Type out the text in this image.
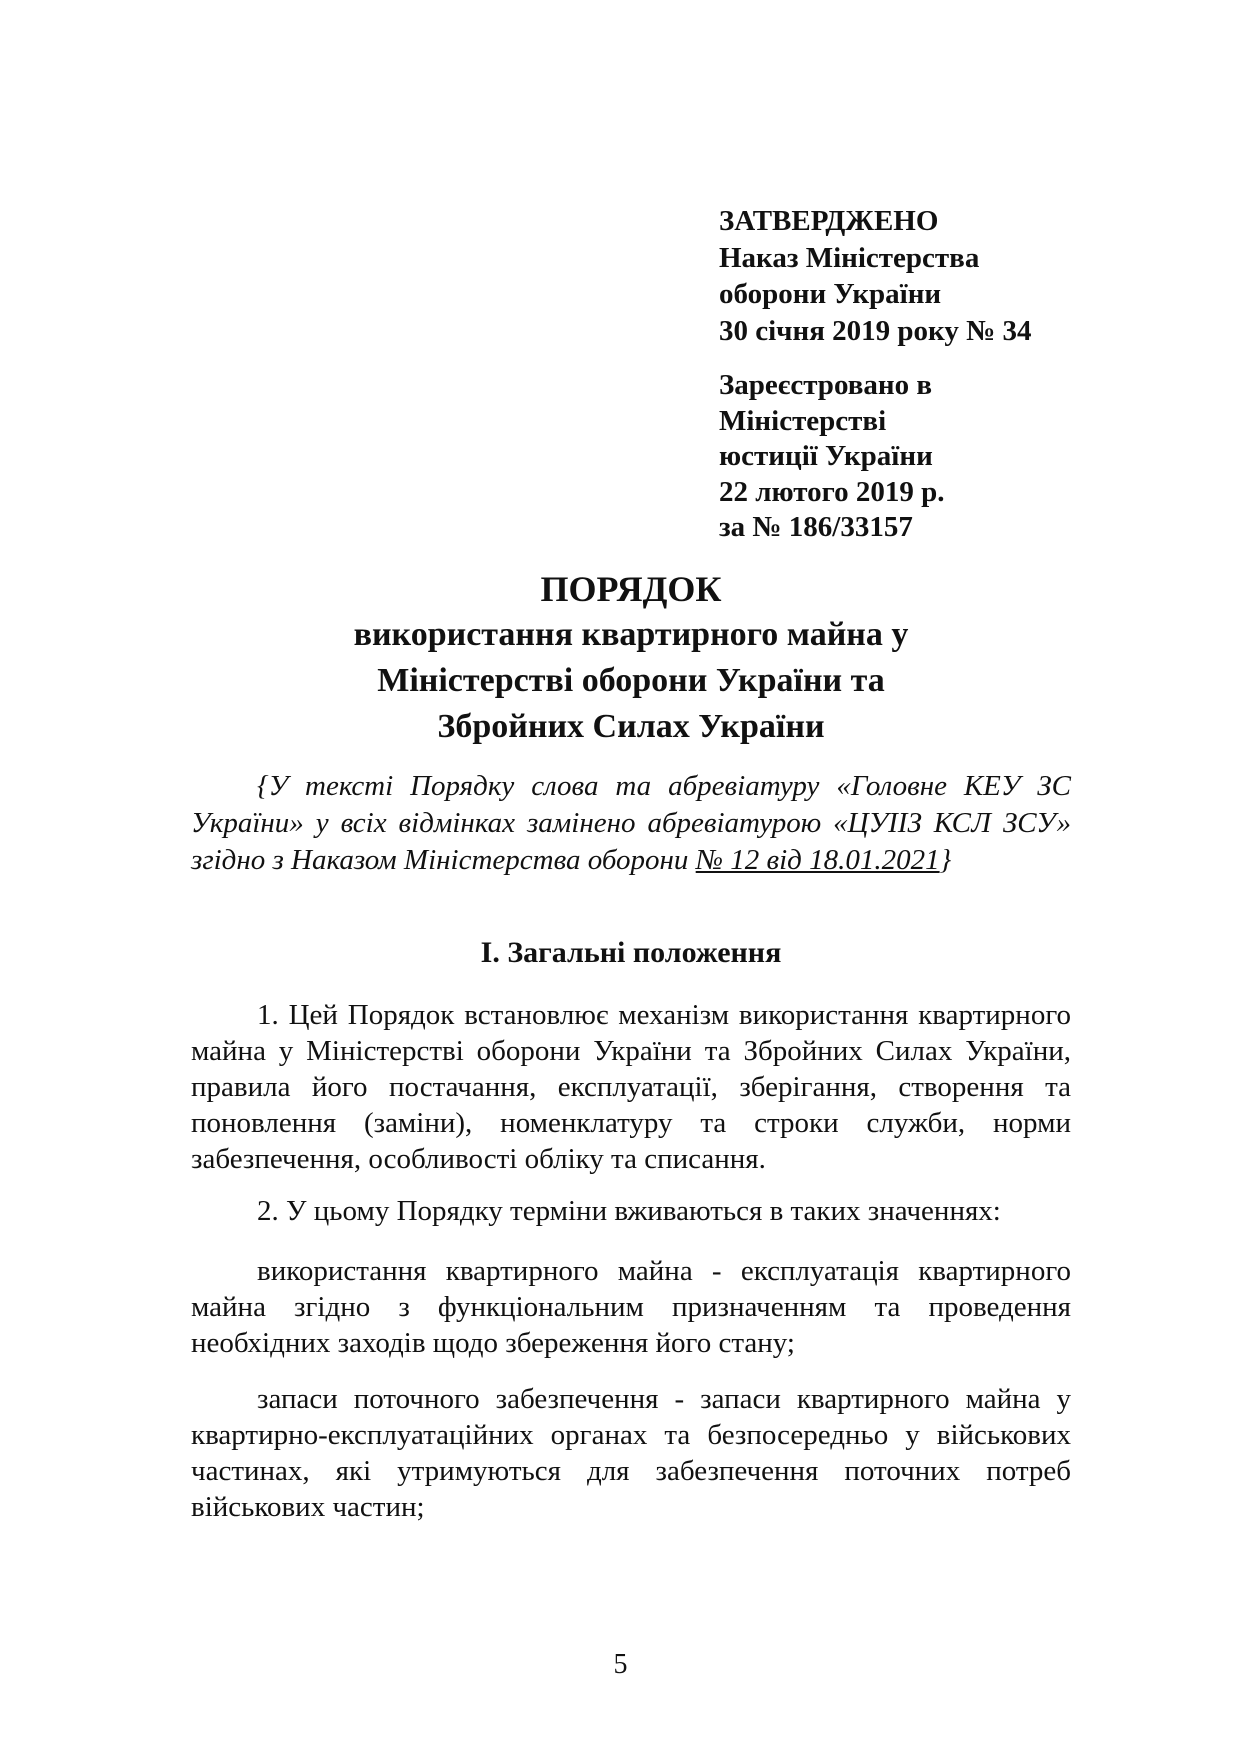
ЗАТВЕРДЖЕНО
Наказ Міністерства
оборони України
30 січня 2019 року № 34
Зареєстровано в
Міністерстві
юстиції України
22 лютого 2019 р.
за № 186/33157
ПОРЯДОК
використання квартирного майна у
Міністерстві оборони України та
Збройних Силах України
{У тексті Порядку слова та абревіатуру «Головне КЕУ ЗС України» у всіх відмінках замінено абревіатурою «ЦУІІЗ КСЛ ЗСУ» згідно з Наказом Міністерства оборони № 12 від 18.01.2021}
І. Загальні положення
1. Цей Порядок встановлює механізм використання квартирного майна у Міністерстві оборони України та Збройних Силах України, правила його постачання, експлуатації, зберігання, створення та поновлення (заміни), номенклатуру та строки служби, норми забезпечення, особливості обліку та списання.
2. У цьому Порядку терміни вживаються в таких значеннях:
використання квартирного майна - експлуатація квартирного майна згідно з функціональним призначенням та проведення необхідних заходів щодо збереження його стану;
запаси поточного забезпечення - запаси квартирного майна у квартирно-експлуатаційних органах та безпосередньо у військових частинах, які утримуються для забезпечення поточних потреб військових частин;
5
